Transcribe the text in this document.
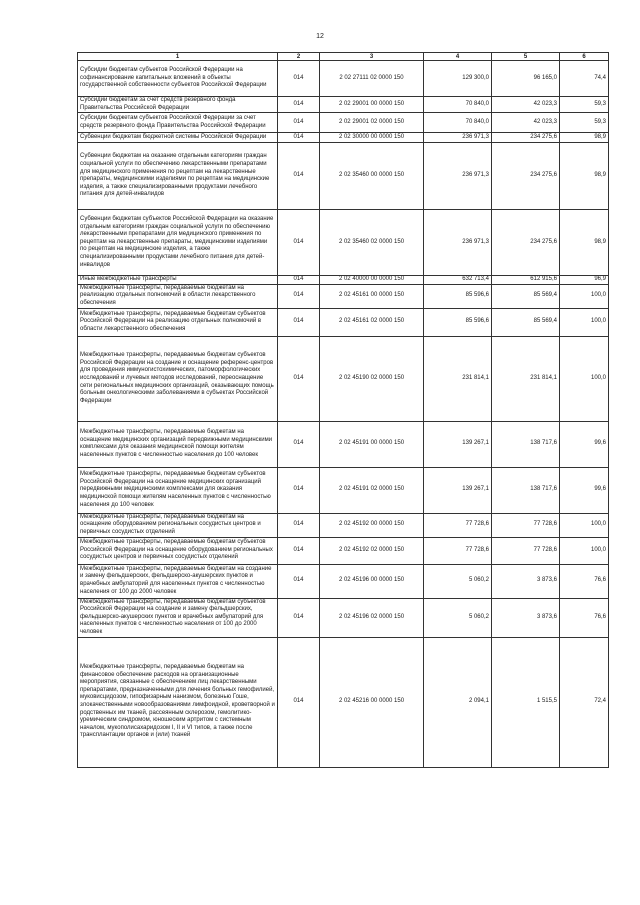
12
1	2	3	4	5	6
Субсидии бюджетам субъектов Российской Федерации на софинансирование капитальных вложений в объекты государственной собственности субъектов Российской Федерации	014	2 02 27111 02 0000 150	129 300,0	96 165,0	74,4
Субсидии бюджетам за счет средств резервного фонда Правительства Российской Федерации	014	2 02 29001 00 0000 150	70 840,0	42 023,3	59,3
Субсидии бюджетам субъектов Российской Федерации за счет средств резервного фонда Правительства Российской Федерации	014	2 02 29001 02 0000 150	70 840,0	42 023,3	59,3
Субвенции бюджетам бюджетной системы Российской Федерации	014	2 02 30000 00 0000 150	236 971,3	234 275,6	98,9
Субвенции бюджетам на оказание отдельным категориям граждан социальной услуги по обеспечению лекарственными препаратами для медицинского применения по рецептам на лекарственные препараты, медицинскими изделиями по рецептам на медицинские изделия, а также специализированными продуктами лечебного питания для детей-инвалидов	014	2 02 35460 00 0000 150	236 971,3	234 275,6	98,9
Субвенции бюджетам субъектов Российской Федерации на оказание отдельным категориям граждан социальной услуги по обеспечению лекарственными препаратами для медицинского применения по рецептам на лекарственные препараты, медицинскими изделиями по рецептам на медицинские изделия, а также специализированными продуктами лечебного питания для детей-инвалидов	014	2 02 35460 02 0000 150	236 971,3	234 275,6	98,9
Иные межбюджетные трансферты	014	2 02 40000 00 0000 150	632 713,4	612 915,6	96,9
Межбюджетные трансферты, передаваемые бюджетам на реализацию отдельных полномочий в области лекарственного обеспечения	014	2 02 45161 00 0000 150	85 596,6	85 569,4	100,0
Межбюджетные трансферты, передаваемые бюджетам субъектов Российской Федерации на реализацию отдельных полномочий в области лекарственного обеспечения	014	2 02 45161 02 0000 150	85 596,6	85 569,4	100,0
Межбюджетные трансферты, передаваемые бюджетам субъектов Российской Федерации на создание и оснащение референс-центров для проведения иммуногистохимических, патоморфологических исследований и лучевых методов исследований, переоснащение сети региональных медицинских организаций, оказывающих помощь больным онкологическими заболеваниями в субъектах Российской Федерации	014	2 02 45190 02 0000 150	231 814,1	231 814,1	100,0
Межбюджетные трансферты, передаваемые бюджетам на оснащение медицинских организаций передвижными медицинскими комплексами для оказания медицинской помощи жителям населенных пунктов с численностью населения до 100 человек	014	2 02 45191 00 0000 150	139 267,1	138 717,6	99,6
Межбюджетные трансферты, передаваемые бюджетам субъектов Российской Федерации на оснащение медицинских организаций передвижными медицинскими комплексами для оказания медицинской помощи жителям населенных пунктов с численностью населения до 100 человек	014	2 02 45191 02 0000 150	139 267,1	138 717,6	99,6
Межбюджетные трансферты, передаваемые бюджетам на оснащение оборудованием региональных сосудистых центров и первичных сосудистых отделений	014	2 02 45192 00 0000 150	77 728,6	77 728,6	100,0
Межбюджетные трансферты, передаваемые бюджетам субъектов Российской Федерации на оснащение оборудованием региональных сосудистых центров и первичных сосудистых отделений	014	2 02 45192 02 0000 150	77 728,6	77 728,6	100,0
Межбюджетные трансферты, передаваемые бюджетам на создание и замену фельдшерских, фельдшерско-акушерских пунктов и врачебных амбулаторий для населенных пунктов с численностью населения от 100 до 2000 человек	014	2 02 45196 00 0000 150	5 060,2	3 873,6	76,6
Межбюджетные трансферты, передаваемые бюджетам субъектов Российской Федерации на создание и замену фельдшерских, фельдшерско-акушерских пунктов и врачебных амбулаторий для населенных пунктов с численностью населения от 100 до 2000 человек	014	2 02 45196 02 0000 150	5 060,2	3 873,6	76,6
Межбюджетные трансферты, передаваемые бюджетам на финансовое обеспечение расходов на организационные мероприятия, связанные с обеспечением лиц лекарственными препаратами, предназначенными для лечения больных гемофилией, муковисцидозом, гипофизарным нанизмом, болезнью Гоше, злокачественными новообразованиями лимфоидной, кроветворной и родственных им тканей, рассеянным склерозом, гемолитико-уремическим синдромом, юношеским артритом с системным началом, мукополисахаридозом I, II и VI типов, а также после трансплантации органов и (или) тканей	014	2 02 45216 00 0000 150	2 094,1	1 515,5	72,4
